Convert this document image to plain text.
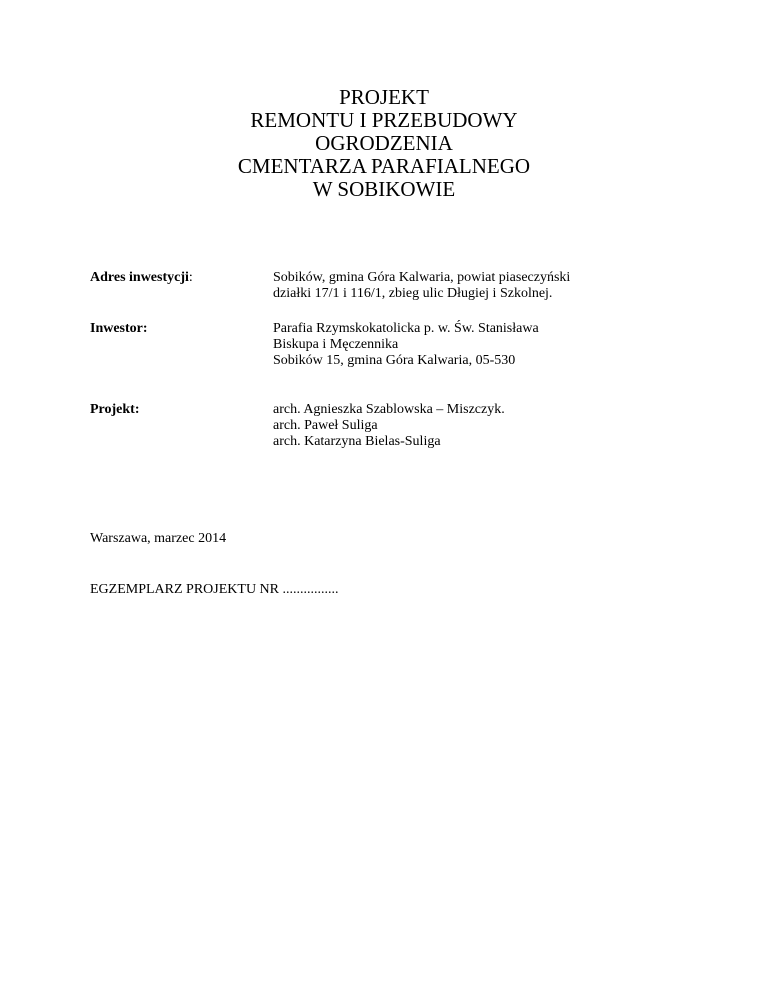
PROJEKT
REMONTU I PRZEBUDOWY
OGRODZENIA
CMENTARZA PARAFIALNEGO
W SOBIKOWIE
Adres inwestycji:	Sobików, gmina Góra Kalwaria, powiat piaseczyński
działki 17/1 i 116/1, zbieg ulic Długiej i Szkolnej.
Inwestor:	Parafia Rzymskokatolicka p. w. Św. Stanisława
Biskupa i Męczennika
Sobików 15, gmina Góra Kalwaria, 05-530
Projekt:	arch. Agnieszka Szablowska – Miszczyk.
arch. Paweł Suliga
arch. Katarzyna Bielas-Suliga
Warszawa, marzec 2014
EGZEMPLARZ PROJEKTU NR ................
